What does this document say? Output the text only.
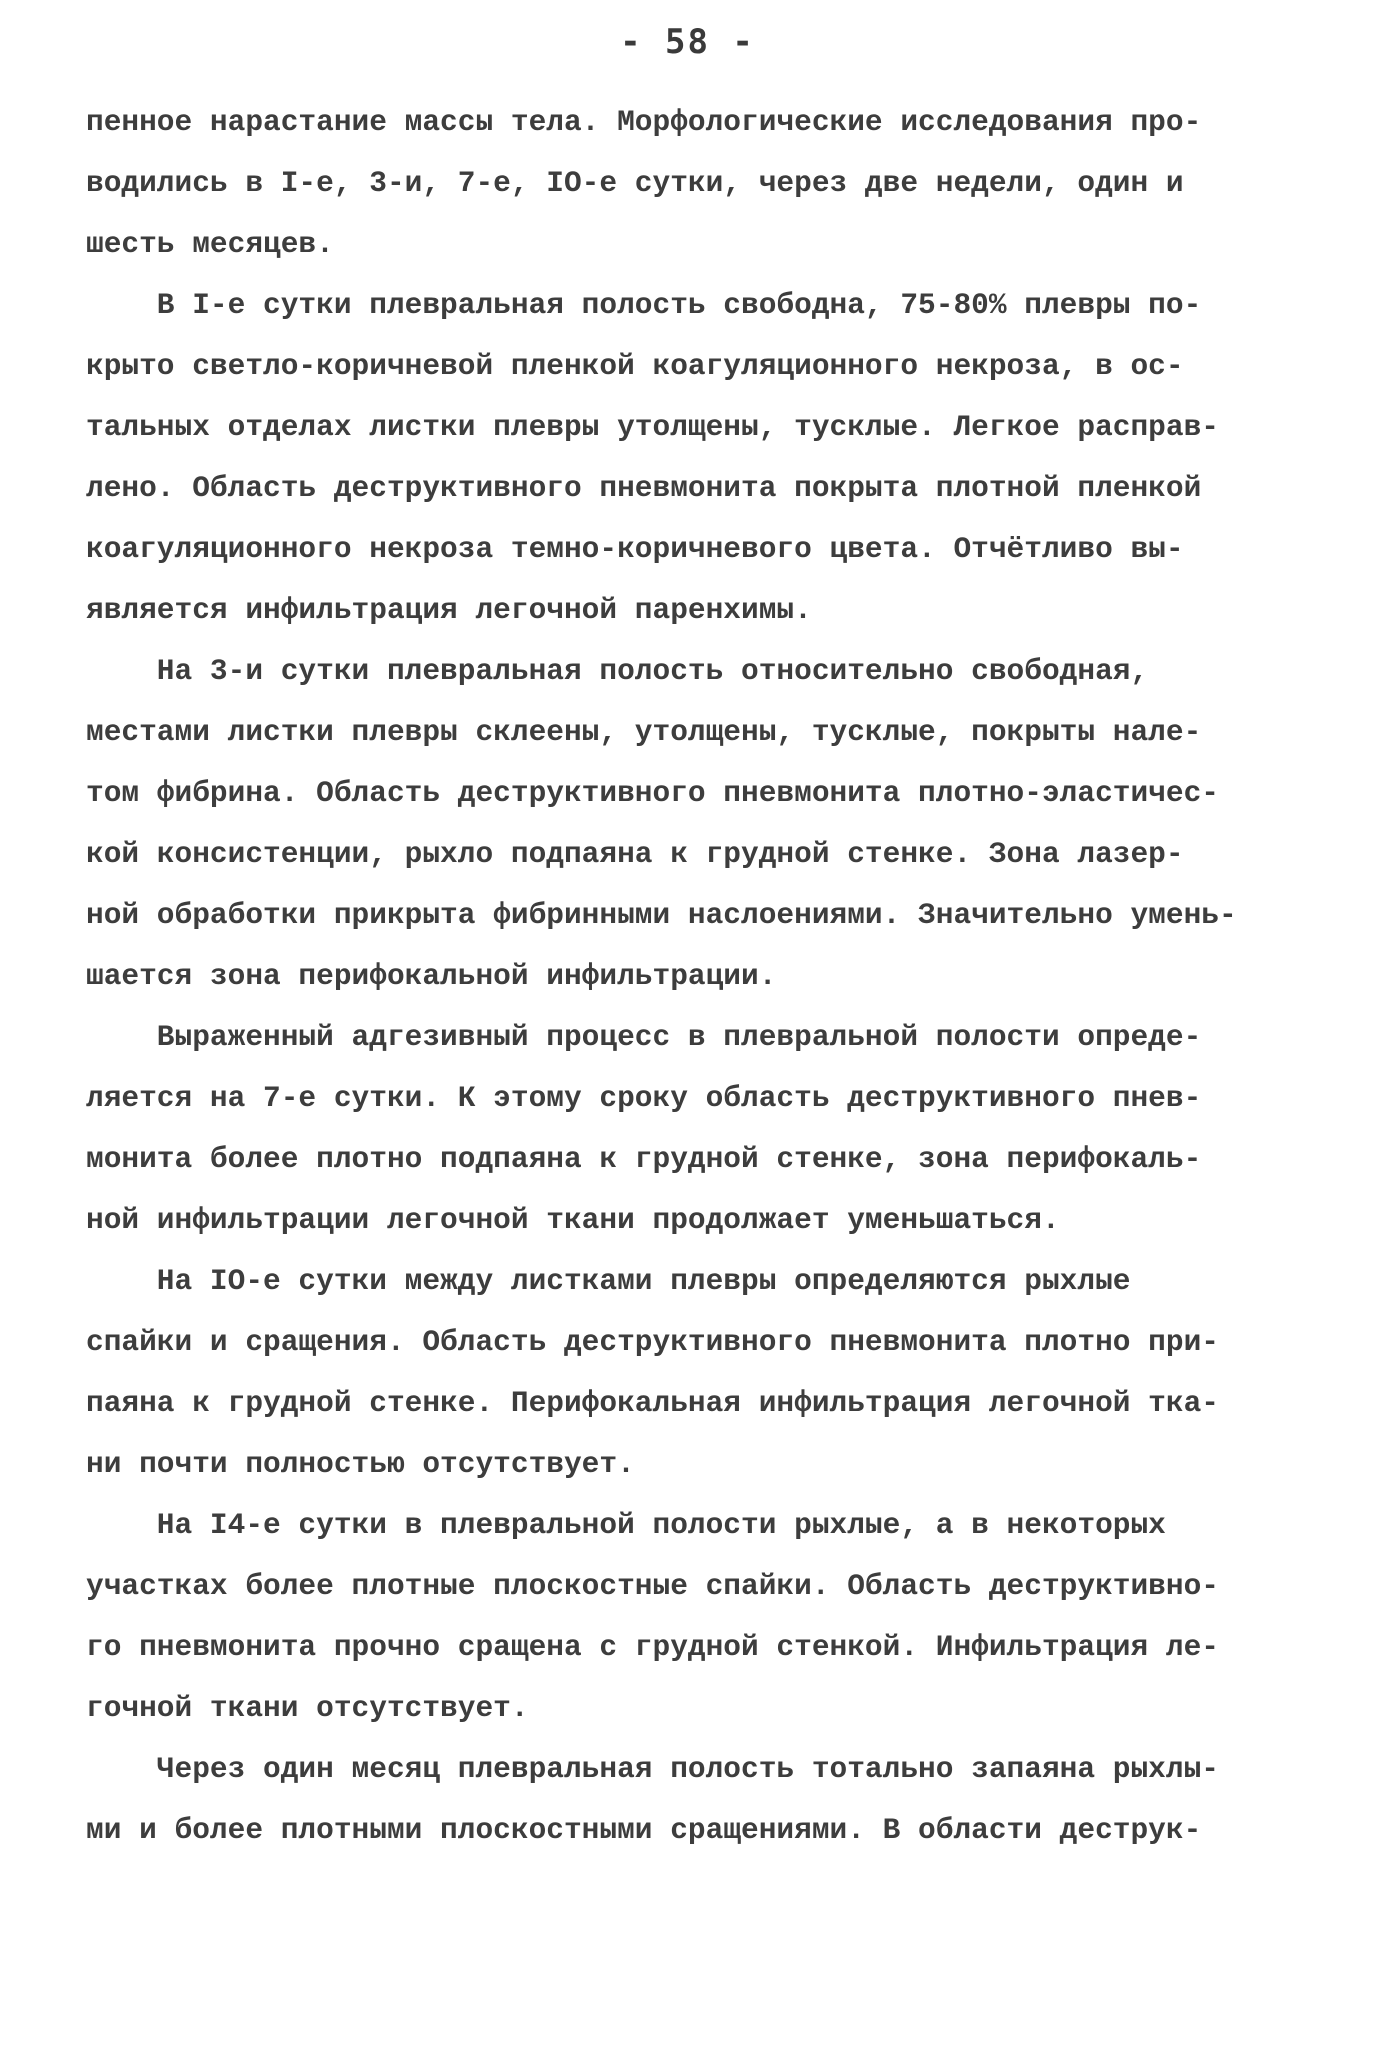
- 58 -
пенное нарастание массы тела. Морфологические исследования про-
водились в I-е, 3-и, 7-е, IO-е сутки, через две недели, один и
шесть месяцев.
В I-е сутки плевральная полость свободна, 75-80% плевры по-
крыто светло-коричневой пленкой коагуляционного некроза, в ос-
тальных отделах листки плевры утолщены, тусклые. Легкое расправ-
лено. Область деструктивного пневмонита покрыта плотной пленкой
коагуляционного некроза темно-коричневого цвета. Отчётливо вы-
является инфильтрация легочной паренхимы.
На 3-и сутки плевральная полость относительно свободная,
местами листки плевры склеены, утолщены, тусклые, покрыты нале-
том фибрина. Область деструктивного пневмонита плотно-эластичес-
кой консистенции, рыхло подпаяна к грудной стенке. Зона лазер-
ной обработки прикрыта фибринными наслоениями. Значительно умень-
шается зона перифокальной инфильтрации.
Выраженный адгезивный процесс в плевральной полости опреде-
ляется на 7-е сутки. К этому сроку область деструктивного пнев-
монита более плотно подпаяна к грудной стенке, зона перифокаль-
ной инфильтрации легочной ткани продолжает уменьшаться.
На IO-е сутки между листками плевры определяются рыхлые
спайки и сращения. Область деструктивного пневмонита плотно при-
паяна к грудной стенке. Перифокальная инфильтрация легочной тка-
ни почти полностью отсутствует.
На I4-е сутки в плевральной полости рыхлые, а в некоторых
участках более плотные плоскостные спайки. Область деструктивно-
го пневмонита прочно сращена с грудной стенкой. Инфильтрация ле-
гочной ткани отсутствует.
Через один месяц плевральная полость тотально запаяна рыхлы-
ми и более плотными плоскостными сращениями. В области деструк-
